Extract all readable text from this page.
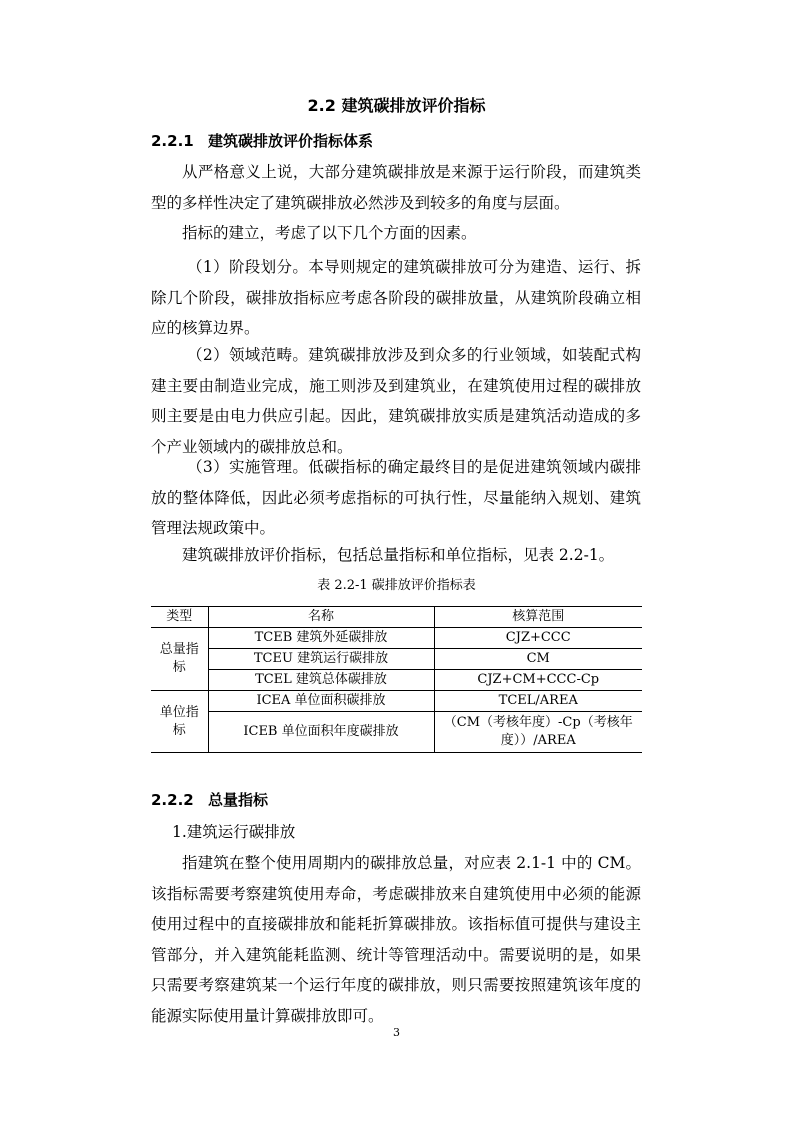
2.2 建筑碳排放评价指标
2.2.1 建筑碳排放评价指标体系

从严格意义上说，大部分建筑碳排放是来源于运行阶段，而建筑类型的多样性决定了建筑碳排放必然涉及到较多的角度与层面。

指标的建立，考虑了以下几个方面的因素。

（1）阶段划分。本导则规定的建筑碳排放可分为建造、运行、拆除几个阶段，碳排放指标应考虑各阶段的碳排放量，从建筑阶段确立相应的核算边界。

（2）领域范畴。建筑碳排放涉及到众多的行业领域，如装配式构建主要由制造业完成，施工则涉及到建筑业，在建筑使用过程的碳排放则主要是由电力供应引起。因此，建筑碳排放实质是建筑活动造成的多个产业领域内的碳排放总和。

（3）实施管理。低碳指标的确定最终目的是促进建筑领域内碳排放的整体降低，因此必须考虑指标的可执行性，尽量能纳入规划、建筑管理法规政策中。

建筑碳排放评价指标，包括总量指标和单位指标，见表 2.2-1。

表 2.2-1 碳排放评价指标表
类型	名称	核算范围
总量指标	TCEB 建筑外延碳排放	CJZ+CCC
	TCEU 建筑运行碳排放	CM
	TCEL 建筑总体碳排放	CJZ+CM+CCC-Cp
单位指标	ICEA 单位面积碳排放	TCEL/AREA
	ICEB 单位面积年度碳排放	（CM（考核年度）-Cp（考核年度））/AREA
2.2.2 总量指标

1.建筑运行碳排放

指建筑在整个使用周期内的碳排放总量，对应表 2.1-1 中的 CM。该指标需要考察建筑使用寿命，考虑碳排放来自建筑使用中必须的能源使用过程中的直接碳排放和能耗折算碳排放。该指标值可提供与建设主管部分，并入建筑能耗监测、统计等管理活动中。需要说明的是，如果只需要考察建筑某一个运行年度的碳排放，则只需要按照建筑该年度的能源实际使用量计算碳排放即可。

3
